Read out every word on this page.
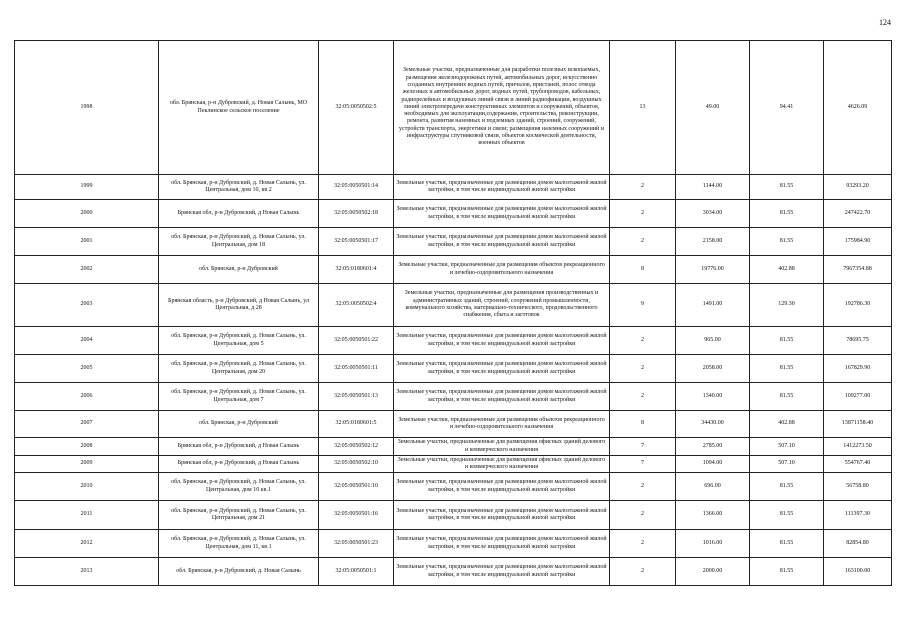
124
1998	обл. Брянская, р-н Дубровский, д. Новая Салынь, МО Пеклинское сельское поселение	32:05:0050502:5	Земельные участки, предназначенные для разработки полезных ископаемых, размещения железнодорожных путей, автомобильных дорог, искусственно созданных внутренних водных путей, причалов, пристаней, полос отвода железных и автомобильных дорог, водных путей, трубопроводов, кабельных, радиорелейных и воздушных линий связи и линий радиофикации, воздушных линий электропередачи конструктивных элементов и сооружений, объектов, необходимых для эксплуатации,содержания, строительства, реконструкции, ремонта, развития наземных и подземных зданий, строений, сооружений, устройств транспорта, энергетики и связи; размещения наземных сооружений и инфраструктуры спутниковой связи, объектов космической деятельности, военных объектов	13	49.00	94.41	4626.09
1999	обл. Брянская, р-н Дубровский, д. Новая Салынь, ул. Центральная, дом 10, кв 2	32:05:0050501:14	Земельные участки, предназначенные для размещения домов малоэтажной жилой застройки, в том числе индивидуальной жилой застройки	2	1144.00	81.55	93293.20
2000	Брянская обл, р-н Дубровский, д Новая Салынь	32:05:0050502:18	Земельные участки, предназначенные для размещения домов малоэтажной жилой застройки, в том числе индивидуальной жилой застройки	2	3034.00	81.55	247422.70
2001	обл. Брянская, р-н Дубровский, д. Новая Салынь, ул. Центральная, дом 18	32:05:0050501:17	Земельные участки, предназначенные для размещения домов малоэтажной жилой застройки, в том числе индивидуальной жилой застройки	2	2158.00	81.55	175984.90
2002	обл. Брянская, р-н Дубровский	32:05:0180601:4	Земельные участки, предназначенные для размещения объектов рекреационного и лечебно-оздоровительного назначения	8	19776.00	402.88	7967354.88
2003	Брянская область, р-н Дубровский, д Новая Салынь, ул Центральная, д 28	32:05:0050502:4	Земельные участки, предназначенные для размещения производственных и административных зданий, строений, сооружений промышленности, коммунального хозяйства, материально-технического, продовольственного снабжения, сбыта и заготовок	9	1491.00	129.30	192786.30
2004	обл. Брянская, р-н Дубровский, д. Новая Салынь, ул. Центральная, дом 5	32:05:0050501:22	Земельные участки, предназначенные для размещения домов малоэтажной жилой застройки, в том числе индивидуальной жилой застройки	2	965.00	81.55	78695.75
2005	обл. Брянская, р-н Дубровский, д. Новая Салынь, ул. Центральная, дом 20	32:05:0050501:11	Земельные участки, предназначенные для размещения домов малоэтажной жилой застройки, в том числе индивидуальной жилой застройки	2	2058.00	81.55	167829.90
2006	обл. Брянская, р-н Дубровский, д. Новая Салынь, ул. Центральная, дом 7	32:05:0050501:13	Земельные участки, предназначенные для размещения домов малоэтажной жилой застройки, в том числе индивидуальной жилой застройки	2	1340.00	81.55	109277.00
2007	обл. Брянская, р-н Дубровский	32:05:0180601:5	Земельные участки, предназначенные для размещения объектов рекреационного и лечебно-оздоровительного назначения	8	34430.00	402.88	13871158.40
2008	Брянская обл, р-н Дубровский, д Новая Салынь	32:05:0050502:12	Земельные участки, предназначенные для размещения офисных зданий делового и коммерческого назначения	7	2785.00	507.10	1412273.50
2009	Брянская обл, р-н Дубровский, д Новая Салынь	32:05:0050502:10	Земельные участки, предназначенные для размещения офисных зданий делового и коммерческого назначения	7	1094.00	507.10	554767.40
2010	обл. Брянская, р-н Дубровский, д. Новая Салынь, ул. Центральная, дом 10 кв.1	32:05:0050501:10	Земельные участки, предназначенные для размещения домов малоэтажной жилой застройки, в том числе индивидуальной жилой застройки	2	696.00	81.55	56758.80
2011	обл. Брянская, р-н Дубровский, д. Новая Салынь, ул. Центральная, дом 21	32:05:0050501:16	Земельные участки, предназначенные для размещения домов малоэтажной жилой застройки, в том числе индивидуальной жилой застройки	2	1366.00	81.55	111397.30
2012	обл. Брянская, р-н Дубровский, д. Новая Салынь, ул. Центральная, дом 11, кв.1	32:05:0050501:23	Земельные участки, предназначенные для размещения домов малоэтажной жилой застройки, в том числе индивидуальной жилой застройки	2	1016.00	81.55	82854.80
2013	обл. Брянская, р-н Дубровский, д. Новая Салынь	32:05:0050501:1	Земельные участки, предназначенные для размещения домов малоэтажной жилой застройки, в том числе индивидуальной жилой застройки	2	2000.00	81.55	163100.00
